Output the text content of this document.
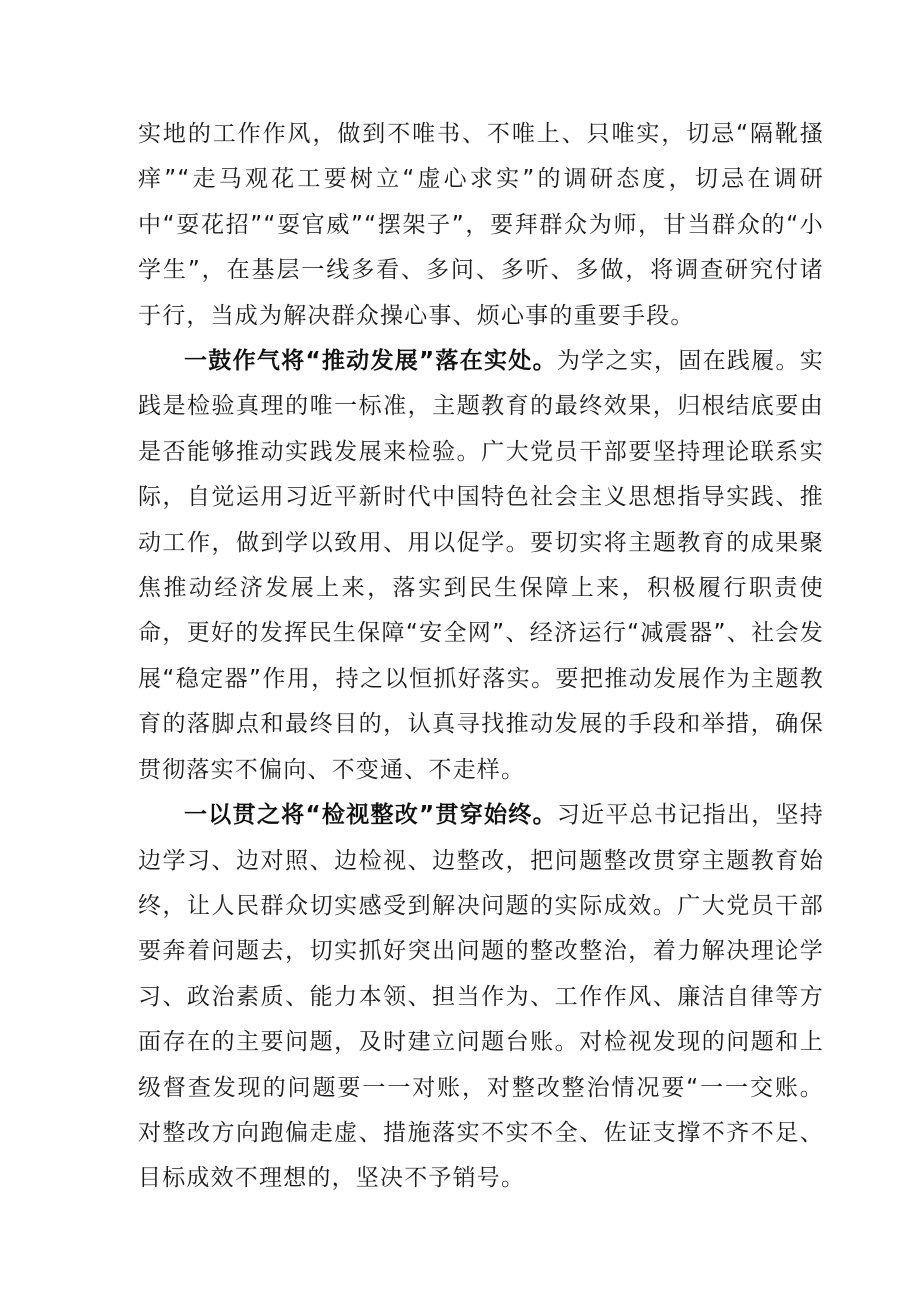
实地的工作作风，做到不唯书、不唯上、只唯实，切忌“隔靴搔痒”“走马观花工要树立“虚心求实”的调研态度，切忌在调研中“耍花招”“耍官威”“摆架子”，要拜群众为师，甘当群众的“小学生”，在基层一线多看、多问、多听、多做，将调查研究付诸于行，当成为解决群众操心事、烦心事的重要手段。

一鼓作气将“推动发展”落在实处。为学之实，固在践履。实践是检验真理的唯一标准，主题教育的最终效果，归根结底要由是否能够推动实践发展来检验。广大党员干部要坚持理论联系实际，自觉运用习近平新时代中国特色社会主义思想指导实践、推动工作，做到学以致用、用以促学。要切实将主题教育的成果聚焦推动经济发展上来，落实到民生保障上来，积极履行职责使命，更好的发挥民生保障“安全网”、经济运行“减震器”、社会发展“稳定器”作用，持之以恒抓好落实。要把推动发展作为主题教育的落脚点和最终目的，认真寻找推动发展的手段和举措，确保贯彻落实不偏向、不变通、不走样。

一以贯之将“检视整改”贯穿始终。习近平总书记指出，坚持边学习、边对照、边检视、边整改，把问题整改贯穿主题教育始终，让人民群众切实感受到解决问题的实际成效。广大党员干部要奔着问题去，切实抓好突出问题的整改整治，着力解决理论学习、政治素质、能力本领、担当作为、工作作风、廉洁自律等方面存在的主要问题，及时建立问题台账。对检视发现的问题和上级督查发现的问题要一一对账，对整改整治情况要“一一交账。对整改方向跑偏走虚、措施落实不实不全、佐证支撑不齐不足、目标成效不理想的，坚决不予销号。
